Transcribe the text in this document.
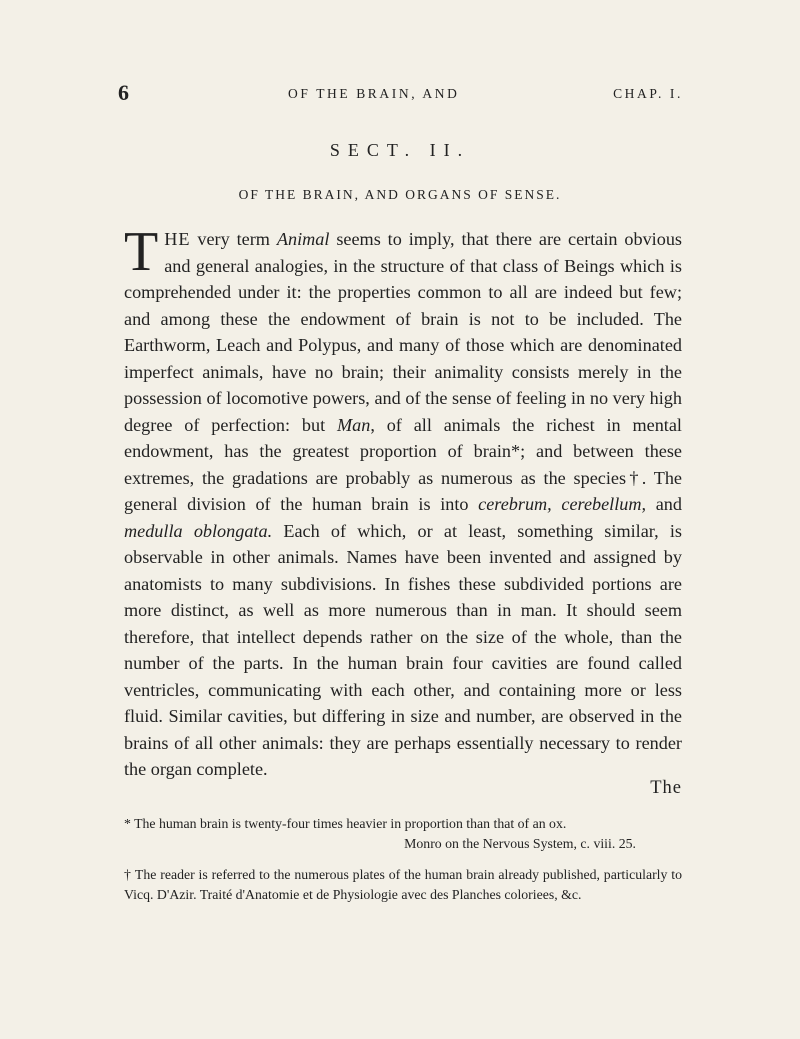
6	OF THE BRAIN, AND	CHAP. I.
SECT. II.
OF THE BRAIN, AND ORGANS OF SENSE.

THE very term Animal seems to imply, that there are certain obvious and general analogies, in the structure of that class of Beings which is comprehended under it: the properties common to all are indeed but few; and among these the endowment of brain is not to be included. The Earthworm, Leach and Polypus, and many of those which are denominated imperfect animals, have no brain; their animality consists merely in the possession of locomotive powers, and of the sense of feeling in no very high degree of perfection: but Man, of all animals the richest in mental endowment, has the greatest proportion of brain*; and between these extremes, the gradations are probably as numerous as the species†. The general division of the human brain is into cerebrum, cerebellum, and medulla oblongata. Each of which, or at least, something similar, is observable in other animals. Names have been invented and assigned by anatomists to many subdivisions. In fishes these subdivided portions are more distinct, as well as more numerous than in man. It should seem therefore, that intellect depends rather on the size of the whole, than the number of the parts. In the human brain four cavities are found called ventricles, communicating with each other, and containing more or less fluid. Similar cavities, but differing in size and number, are observed in the brains of all other animals: they are perhaps essentially necessary to render the organ complete.

The

* The human brain is twenty-four times heavier in proportion than that of an ox.
Monro on the Nervous System, c. viii. 25.

† The reader is referred to the numerous plates of the human brain already published, particularly to Vicq. D'Azir. Traité d'Anatomie et de Physiologie avec des Planches coloriees, &c.
